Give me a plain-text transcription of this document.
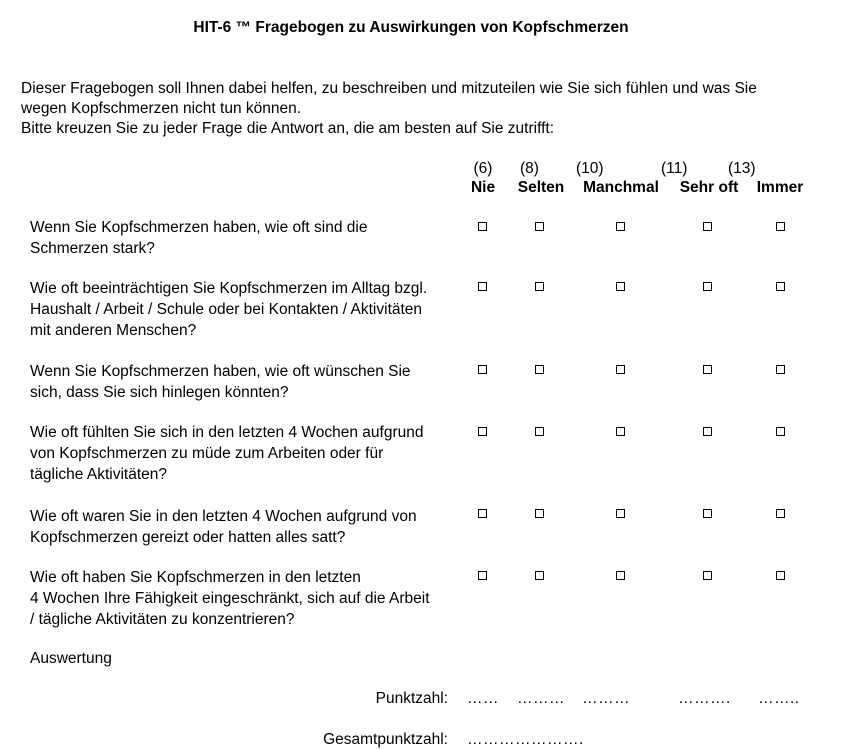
HIT-6 ™ Fragebogen zu Auswirkungen von Kopfschmerzen
Dieser Fragebogen soll Ihnen dabei helfen, zu beschreiben und mitzuteilen wie Sie sich fühlen und was Sie
wegen Kopfschmerzen nicht tun können.
Bitte kreuzen Sie zu jeder Frage die Antwort an, die am besten auf Sie zutrifft:
(6)
Nie
(8)
Selten
(10)
Manchmal
(11)
Sehr oft
(13)
Immer
Wenn Sie Kopfschmerzen haben, wie oft sind die
Schmerzen stark?
Wie oft beeinträchtigen Sie Kopfschmerzen im Alltag bzgl.
Haushalt / Arbeit / Schule oder bei Kontakten / Aktivitäten
mit anderen Menschen?
Wenn Sie Kopfschmerzen haben, wie oft wünschen Sie
sich, dass Sie sich hinlegen könnten?
Wie oft fühlten Sie sich in den letzten 4 Wochen aufgrund
von Kopfschmerzen zu müde zum Arbeiten oder für
tägliche Aktivitäten?
Wie oft waren Sie in den letzten 4 Wochen aufgrund von
Kopfschmerzen gereizt oder hatten alles satt?
Wie oft haben Sie Kopfschmerzen in den letzten
4 Wochen Ihre Fähigkeit eingeschränkt, sich auf die Arbeit
/ tägliche Aktivitäten zu konzentrieren?
Auswertung
Punktzahl: …… ……… ………	………. ……..
Gesamtpunktzahl: ………………….
